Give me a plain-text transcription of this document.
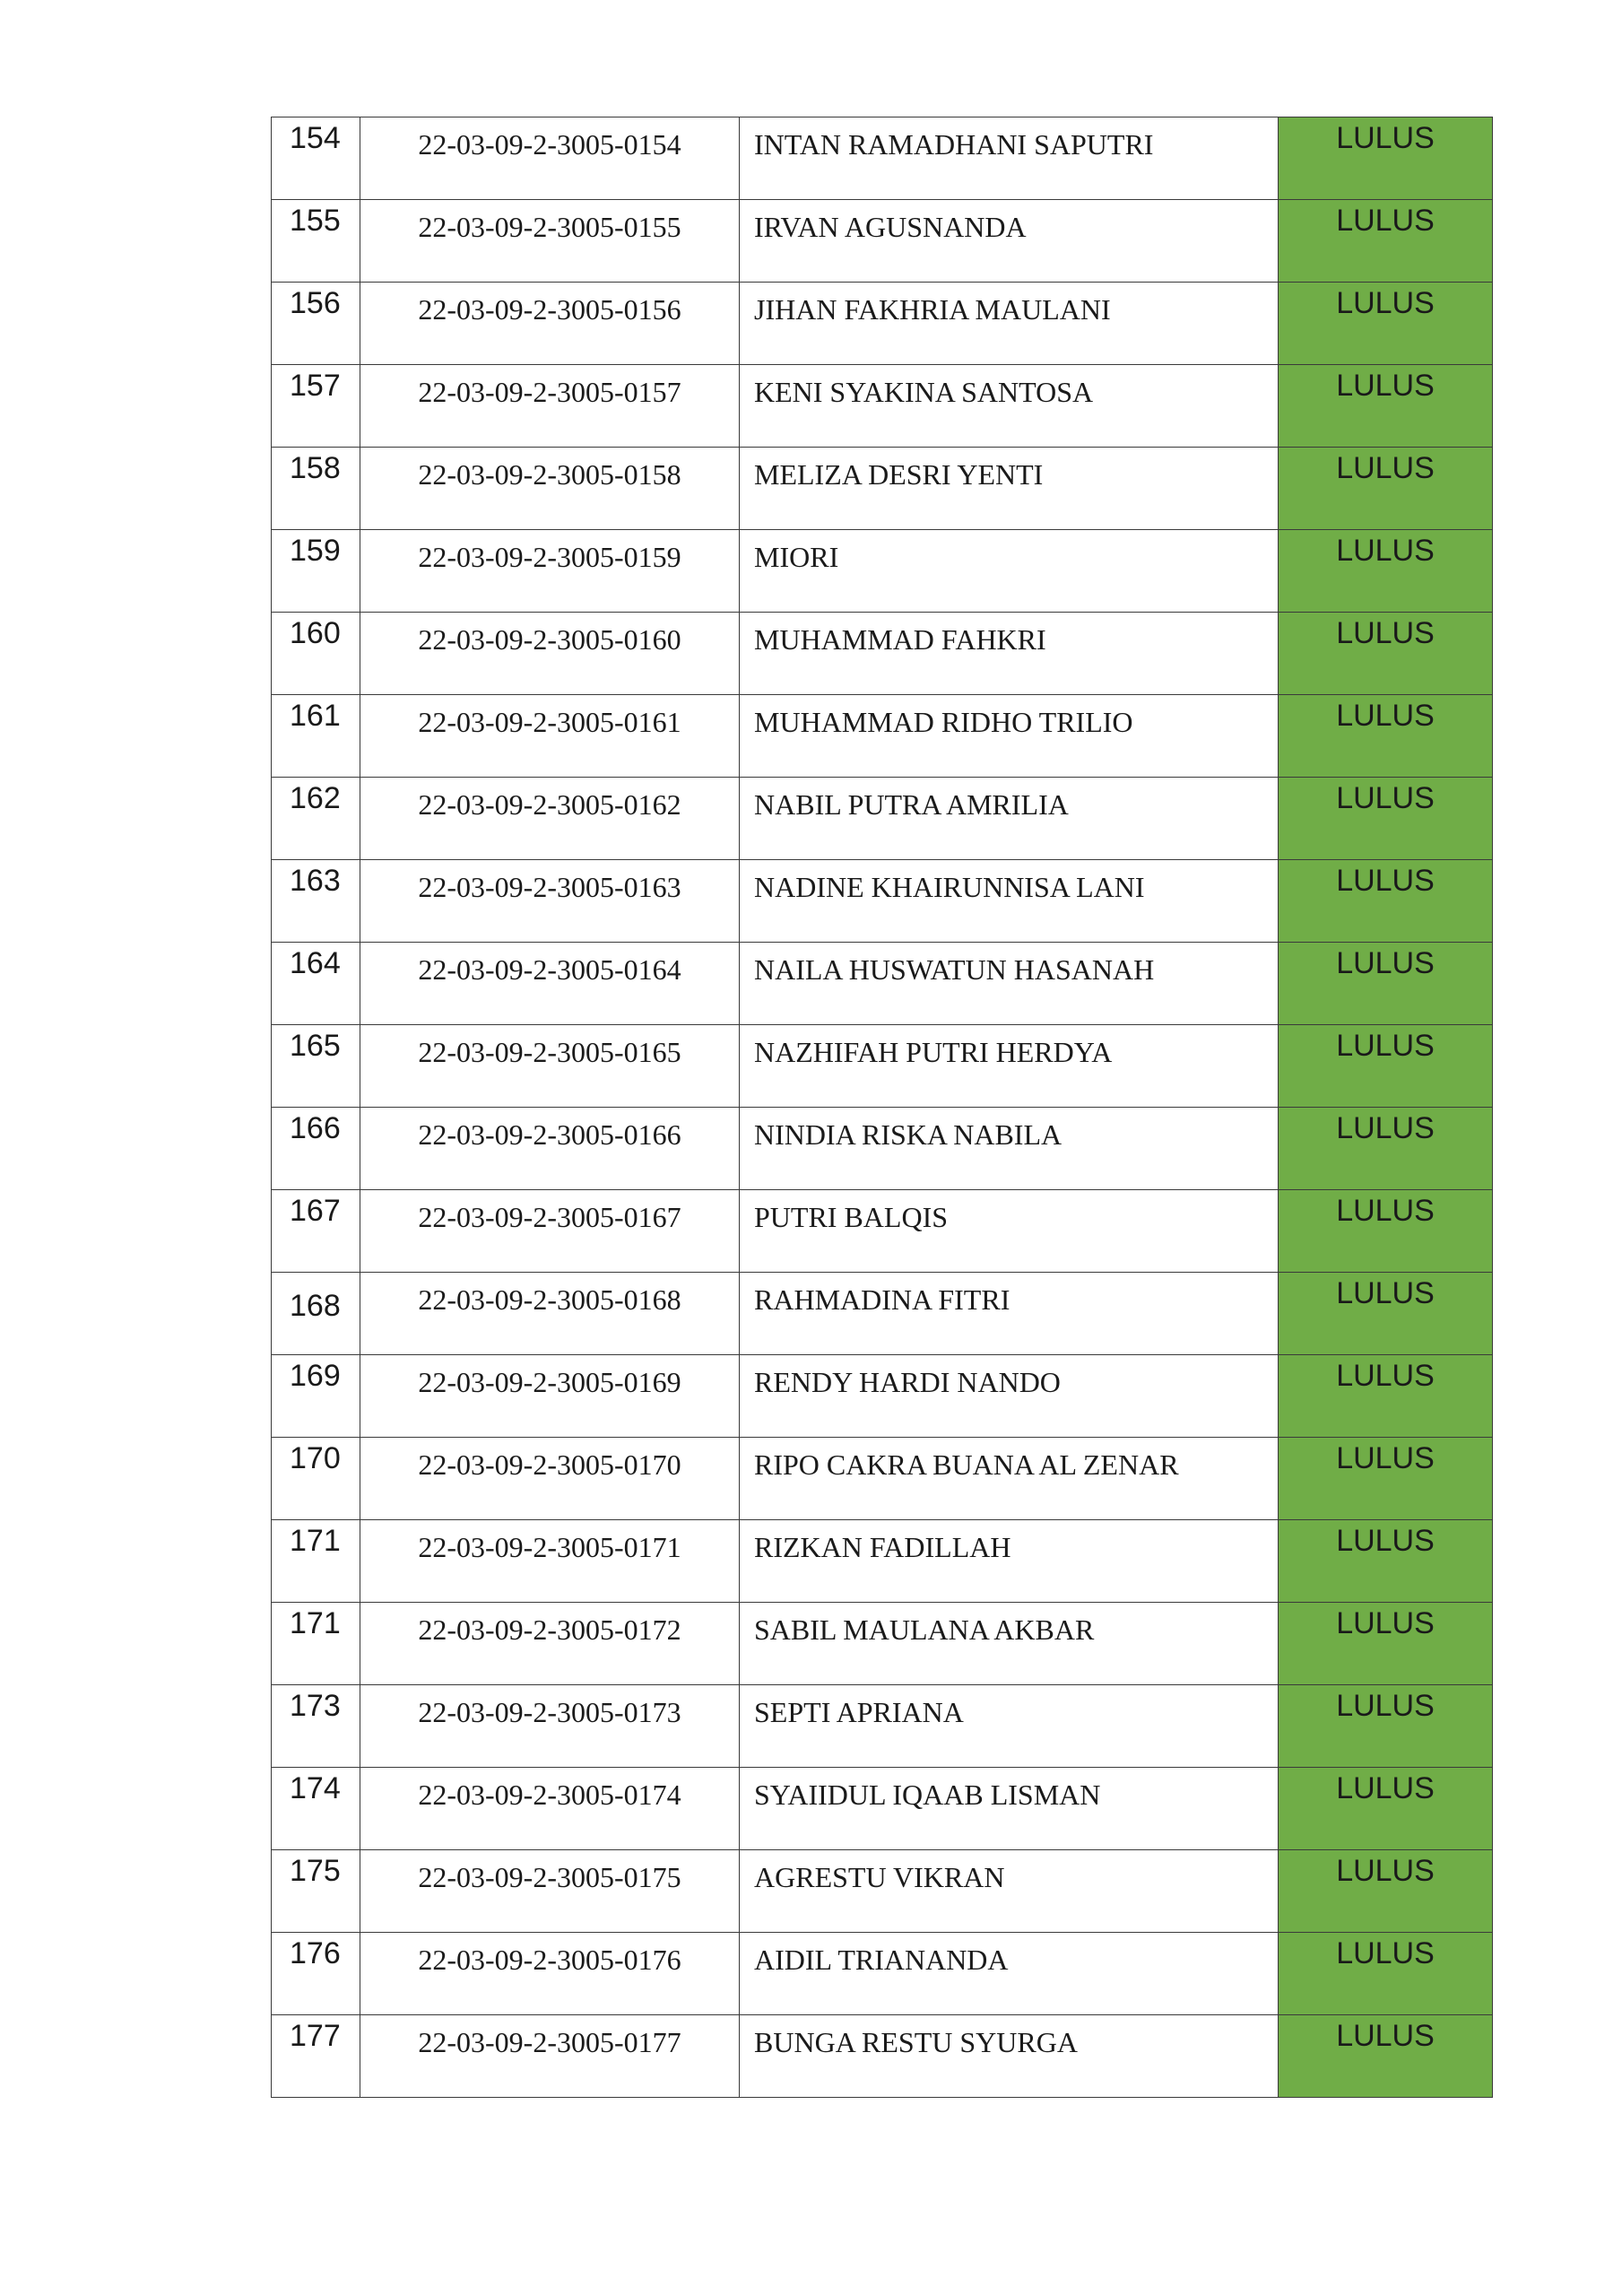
154	22-03-09-2-3005-0154	INTAN RAMADHANI SAPUTRI	LULUS
155	22-03-09-2-3005-0155	IRVAN AGUSNANDA	LULUS
156	22-03-09-2-3005-0156	JIHAN FAKHRIA MAULANI	LULUS
157	22-03-09-2-3005-0157	KENI SYAKINA SANTOSA	LULUS
158	22-03-09-2-3005-0158	MELIZA DESRI YENTI	LULUS
159	22-03-09-2-3005-0159	MIORI	LULUS
160	22-03-09-2-3005-0160	MUHAMMAD FAHKRI	LULUS
161	22-03-09-2-3005-0161	MUHAMMAD RIDHO TRILIO	LULUS
162	22-03-09-2-3005-0162	NABIL PUTRA AMRILIA	LULUS
163	22-03-09-2-3005-0163	NADINE KHAIRUNNISA LANI	LULUS
164	22-03-09-2-3005-0164	NAILA HUSWATUN HASANAH	LULUS
165	22-03-09-2-3005-0165	NAZHIFAH PUTRI HERDYA	LULUS
166	22-03-09-2-3005-0166	NINDIA RISKA NABILA	LULUS
167	22-03-09-2-3005-0167	PUTRI BALQIS	LULUS
168	22-03-09-2-3005-0168	RAHMADINA FITRI	LULUS
169	22-03-09-2-3005-0169	RENDY HARDI NANDO	LULUS
170	22-03-09-2-3005-0170	RIPO CAKRA BUANA AL ZENAR	LULUS
171	22-03-09-2-3005-0171	RIZKAN FADILLAH	LULUS
171	22-03-09-2-3005-0172	SABIL MAULANA AKBAR	LULUS
173	22-03-09-2-3005-0173	SEPTI APRIANA	LULUS
174	22-03-09-2-3005-0174	SYAIIDUL IQAAB LISMAN	LULUS
175	22-03-09-2-3005-0175	AGRESTU VIKRAN	LULUS
176	22-03-09-2-3005-0176	AIDIL TRIANANDA	LULUS
177	22-03-09-2-3005-0177	BUNGA RESTU SYURGA	LULUS
